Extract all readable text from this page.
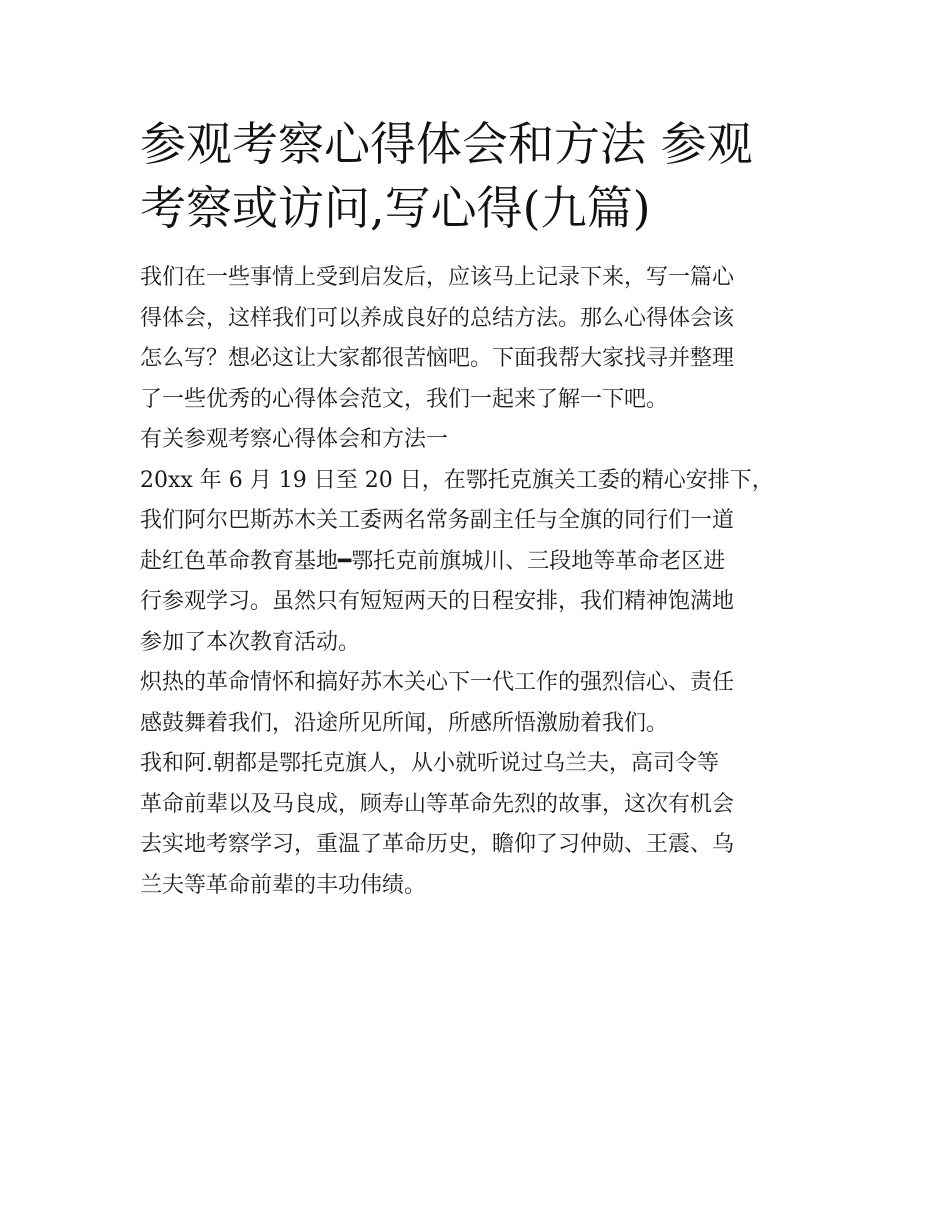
参观考察心得体会和方法 参观
考察或访问,写心得(九篇)

我们在一些事情上受到启发后，应该马上记录下来，写一篇心
得体会，这样我们可以养成良好的总结方法。那么心得体会该
怎么写？想必这让大家都很苦恼吧。下面我帮大家找寻并整理
了一些优秀的心得体会范文，我们一起来了解一下吧。

有关参观考察心得体会和方法一

20xx 年 6 月 19 日至 20 日，在鄂托克旗关工委的精心安排下，
我们阿尔巴斯苏木关工委两名常务副主任与全旗的同行们一道
赴红色革命教育基地━鄂托克前旗城川、三段地等革命老区进
行参观学习。虽然只有短短两天的日程安排，我们精神饱满地
参加了本次教育活动。

炽热的革命情怀和搞好苏木关心下一代工作的强烈信心、责任
感鼓舞着我们，沿途所见所闻，所感所悟激励着我们。

我和阿.朝都是鄂托克旗人，从小就听说过乌兰夫，高司令等
革命前辈以及马良成，顾寿山等革命先烈的故事，这次有机会
去实地考察学习，重温了革命历史，瞻仰了习仲勋、王震、乌
兰夫等革命前辈的丰功伟绩。
